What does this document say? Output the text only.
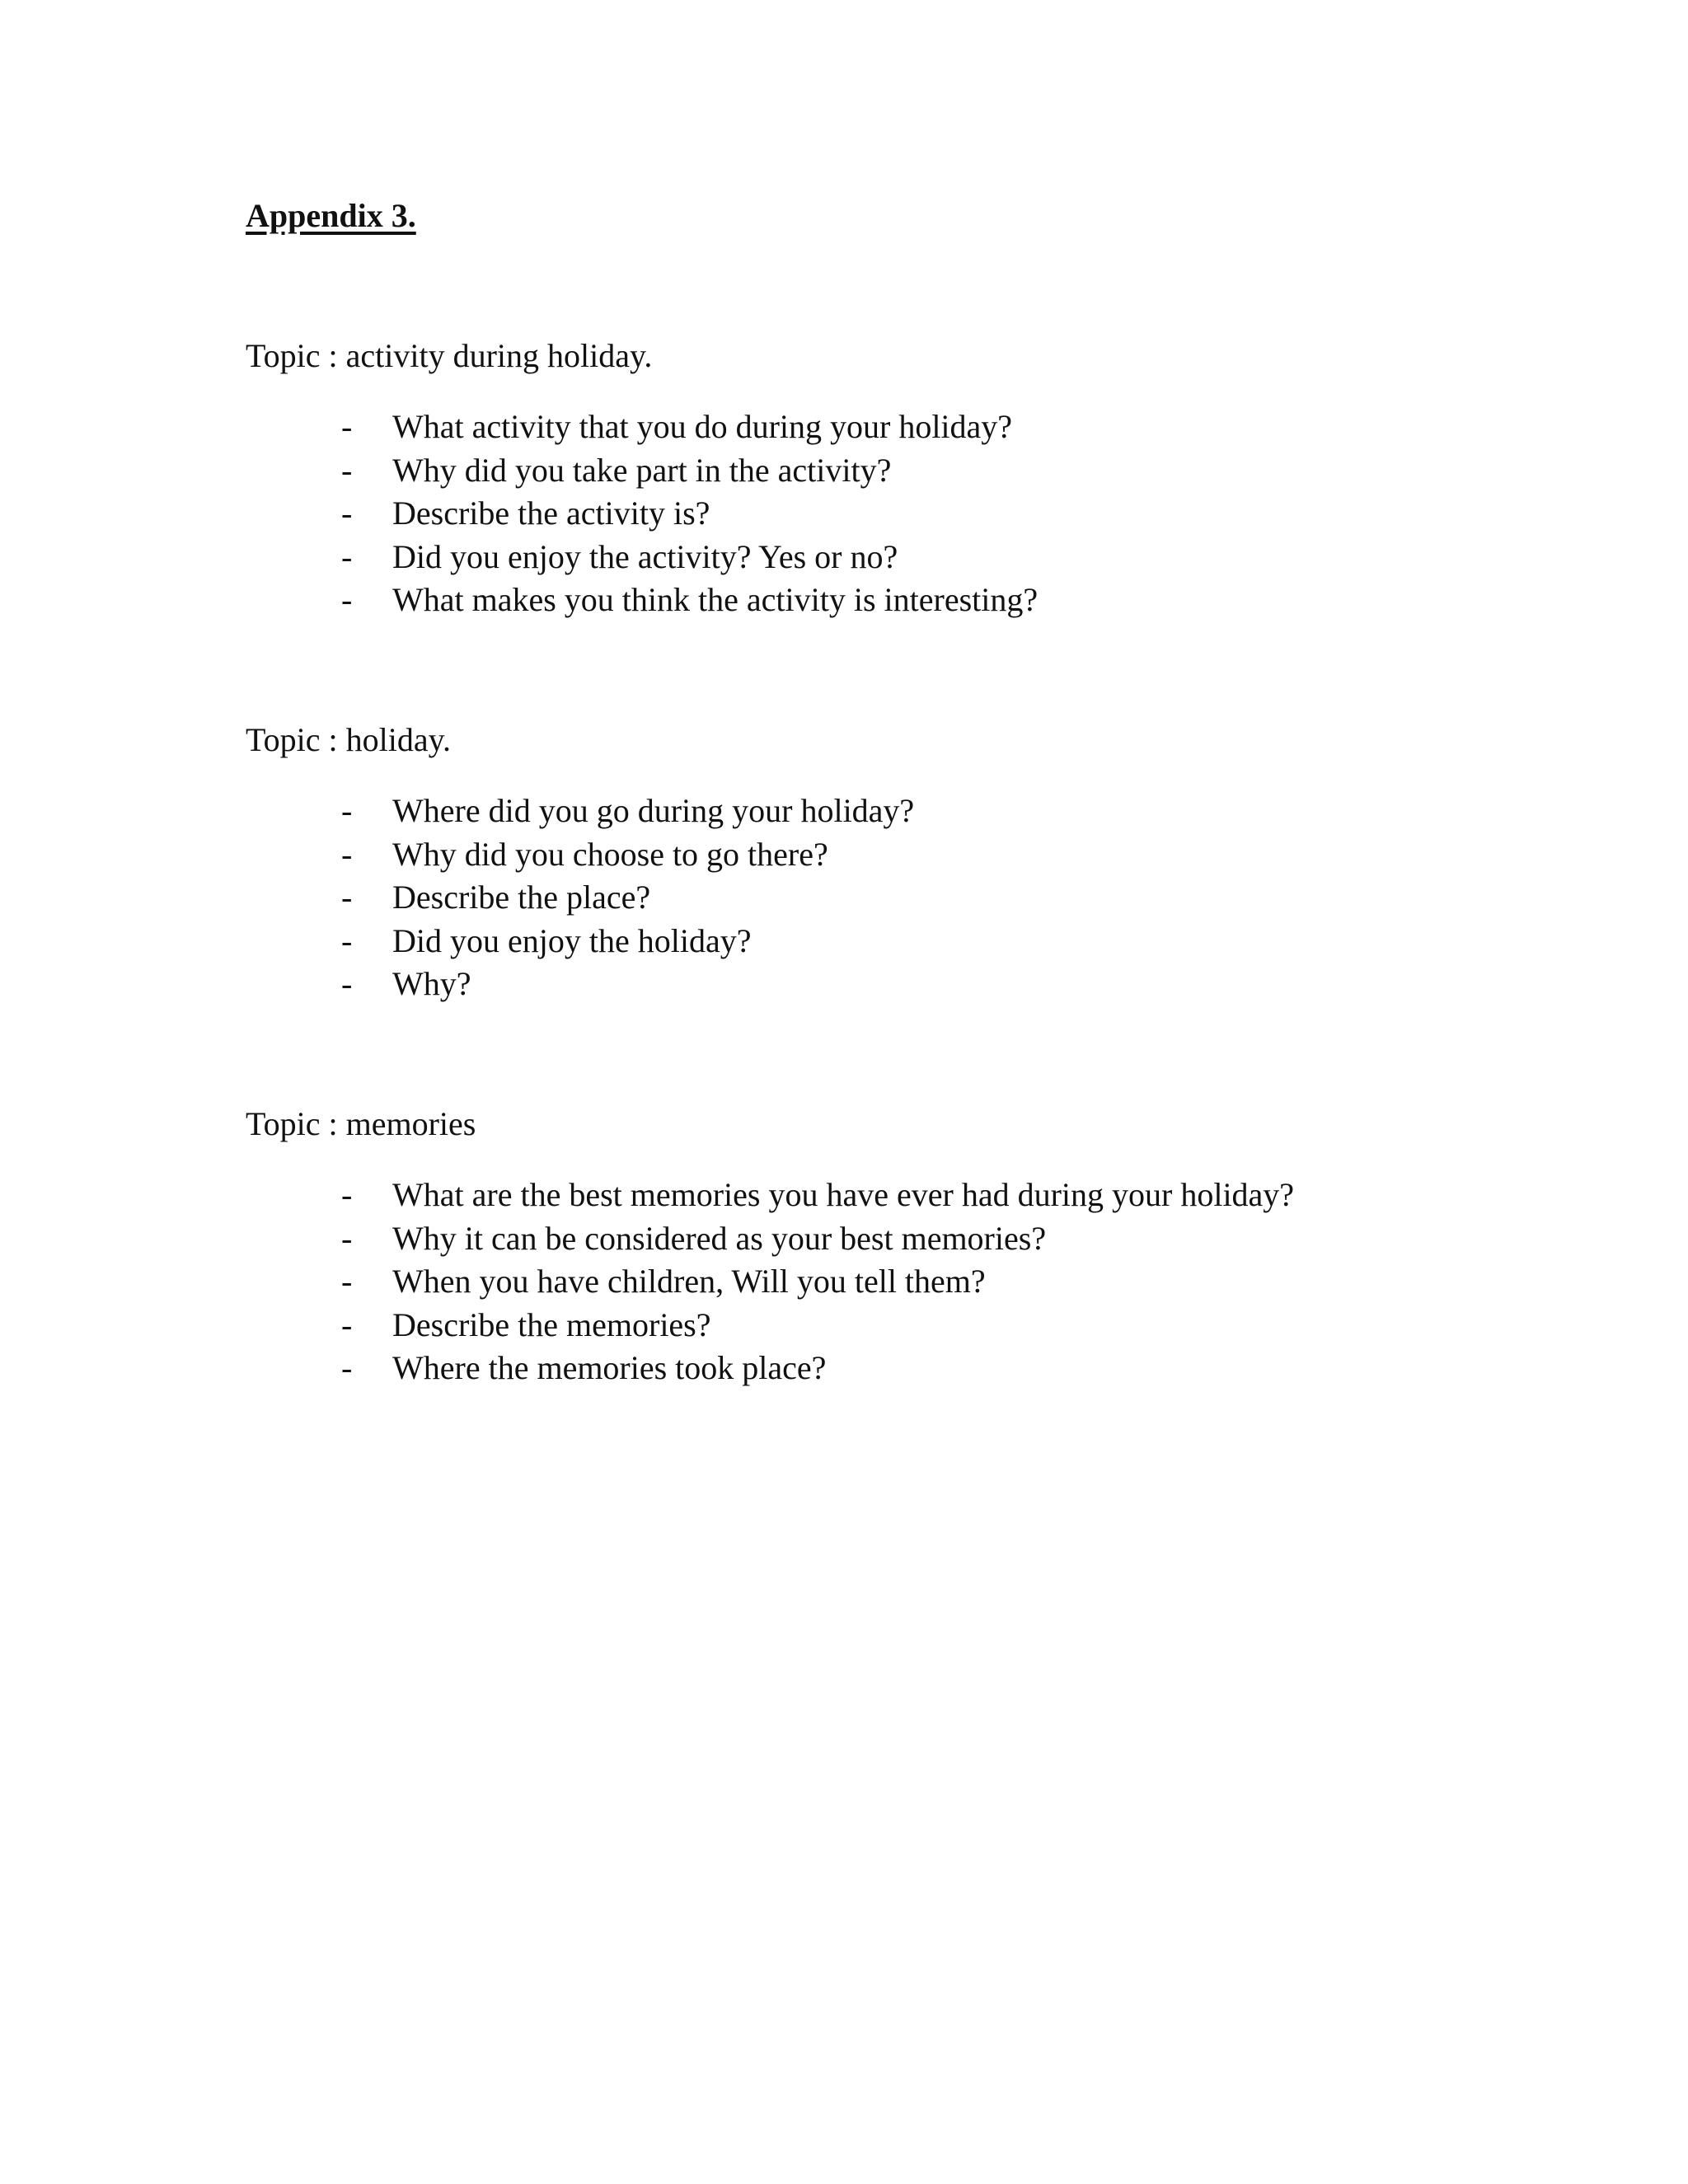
Appendix 3.

Topic : activity during holiday.

-	What activity that you do during your holiday?
-	Why did you take part in the activity?
-	Describe the activity is?
-	Did you enjoy the activity? Yes or no?
-	What makes you think the activity is interesting?

Topic : holiday.

-	Where did you go during your holiday?
-	Why did you choose to go there?
-	Describe the place?
-	Did you enjoy the holiday?
-	Why?

Topic : memories

-	What are the best memories you have ever had during your holiday?
-	Why it can be considered as your best memories?
-	When you have children, Will you tell them?
-	Describe the memories?
-	Where the memories took place?
